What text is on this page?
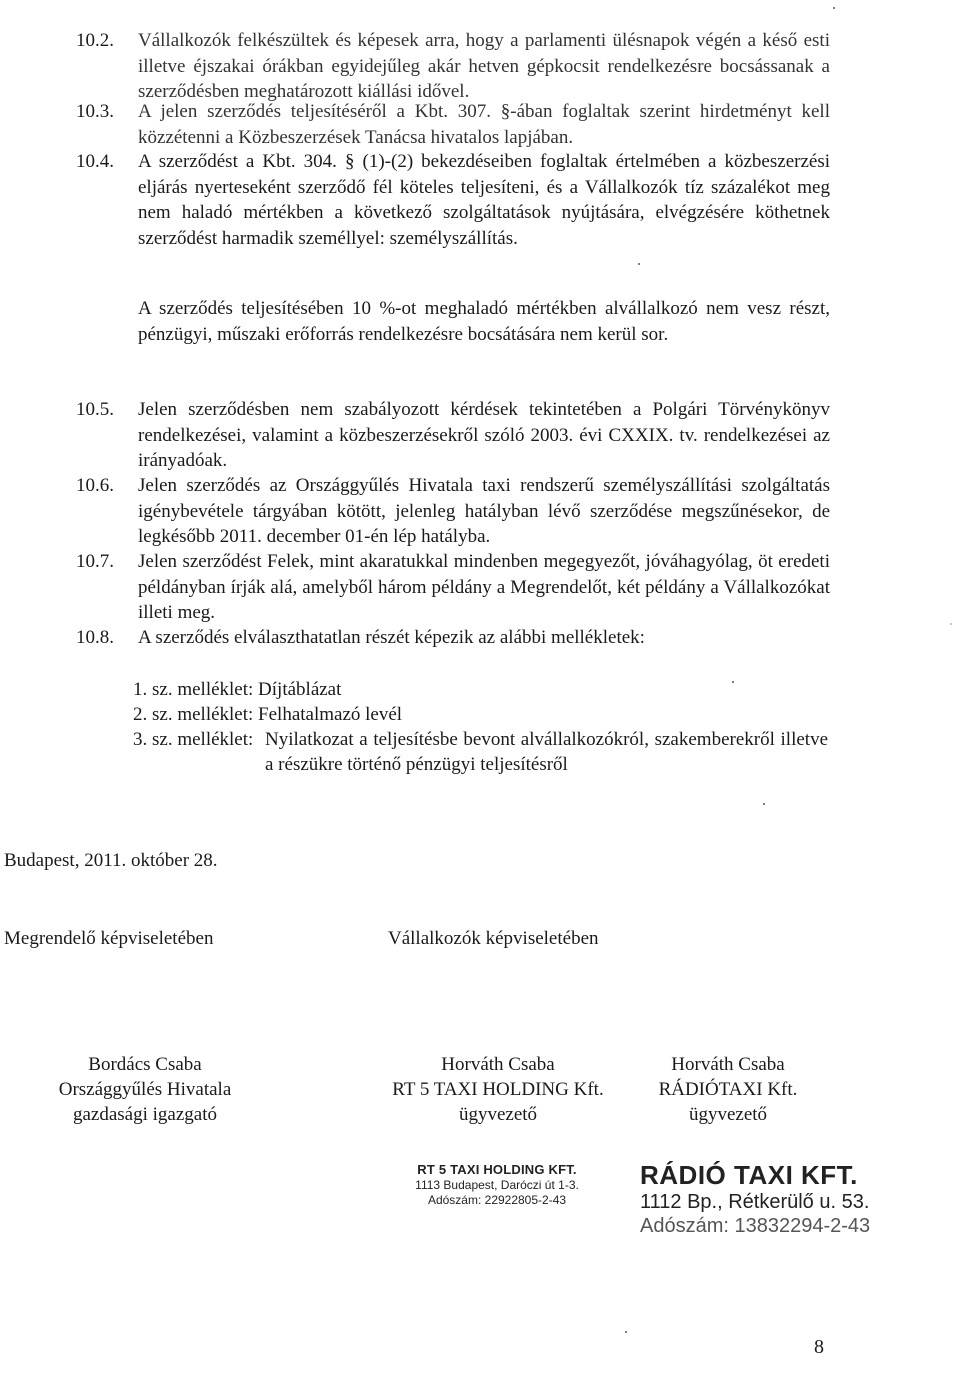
10.2. Vállalkozók felkészültek és képesek arra, hogy a parlamenti ülésnapok végén a késő esti illetve éjszakai órákban egyidejűleg akár hetven gépkocsit rendelkezésre bocsássanak a szerződésben meghatározott kiállási idővel.
10.3. A jelen szerződés teljesítéséről a Kbt. 307. §-ában foglaltak szerint hirdetményt kell közzétenni a Közbeszerzések Tanácsa hivatalos lapjában.
10.4. A szerződést a Kbt. 304. § (1)-(2) bekezdéseiben foglaltak értelmében a közbeszerzési eljárás nyerteseként szerződő fél köteles teljesíteni, és a Vállalkozók tíz százalékot meg nem haladó mértékben a következő szolgáltatások nyújtására, elvégzésére köthetnek szerződést harmadik személlyel: személyszállítás.
A szerződés teljesítésében 10 %-ot meghaladó mértékben alvállalkozó nem vesz részt, pénzügyi, műszaki erőforrás rendelkezésre bocsátására nem kerül sor.
10.5. Jelen szerződésben nem szabályozott kérdések tekintetében a Polgári Törvénykönyv rendelkezései, valamint a közbeszerzésekről szóló 2003. évi CXXIX. tv. rendelkezései az irányadóak.
10.6. Jelen szerződés az Országgyűlés Hivatala taxi rendszerű személyszállítási szolgáltatás igénybevétele tárgyában kötött, jelenleg hatályban lévő szerződése megszűnésekor, de legkésőbb 2011. december 01-én lép hatályba.
10.7. Jelen szerződést Felek, mint akaratukkal mindenben megegyezőt, jóváhagyólag, öt eredeti példányban írják alá, amelyből három példány a Megrendelőt, két példány a Vállalkozókat illeti meg.
10.8. A szerződés elválaszthatatlan részét képezik az alábbi mellékletek:
1. sz. melléklet: Díjtáblázat
2. sz. melléklet: Felhatalmazó levél
3. sz. melléklet: Nyilatkozat a teljesítésbe bevont alvállalkozókról, szakemberekről illetve a részükre történő pénzügyi teljesítésről
Budapest, 2011. október 28.
Megrendelő képviseletében	Vállalkozók képviseletében
Bordács Csaba
Országgyűlés Hivatala
gazdasági igazgató
Horváth Csaba
RT 5 TAXI HOLDING Kft.
ügyvezető
Horváth Csaba
RÁDIÓTAXI Kft.
ügyvezető
RT 5 TAXI HOLDING KFT.
1113 Budapest, Daróczi út 1-3.
Adószám: 22922805-2-43
RÁDIÓ TAXI KFT.
1112 Bp., Rétkerülő u. 53.
Adószám: 13832294-2-43
8
